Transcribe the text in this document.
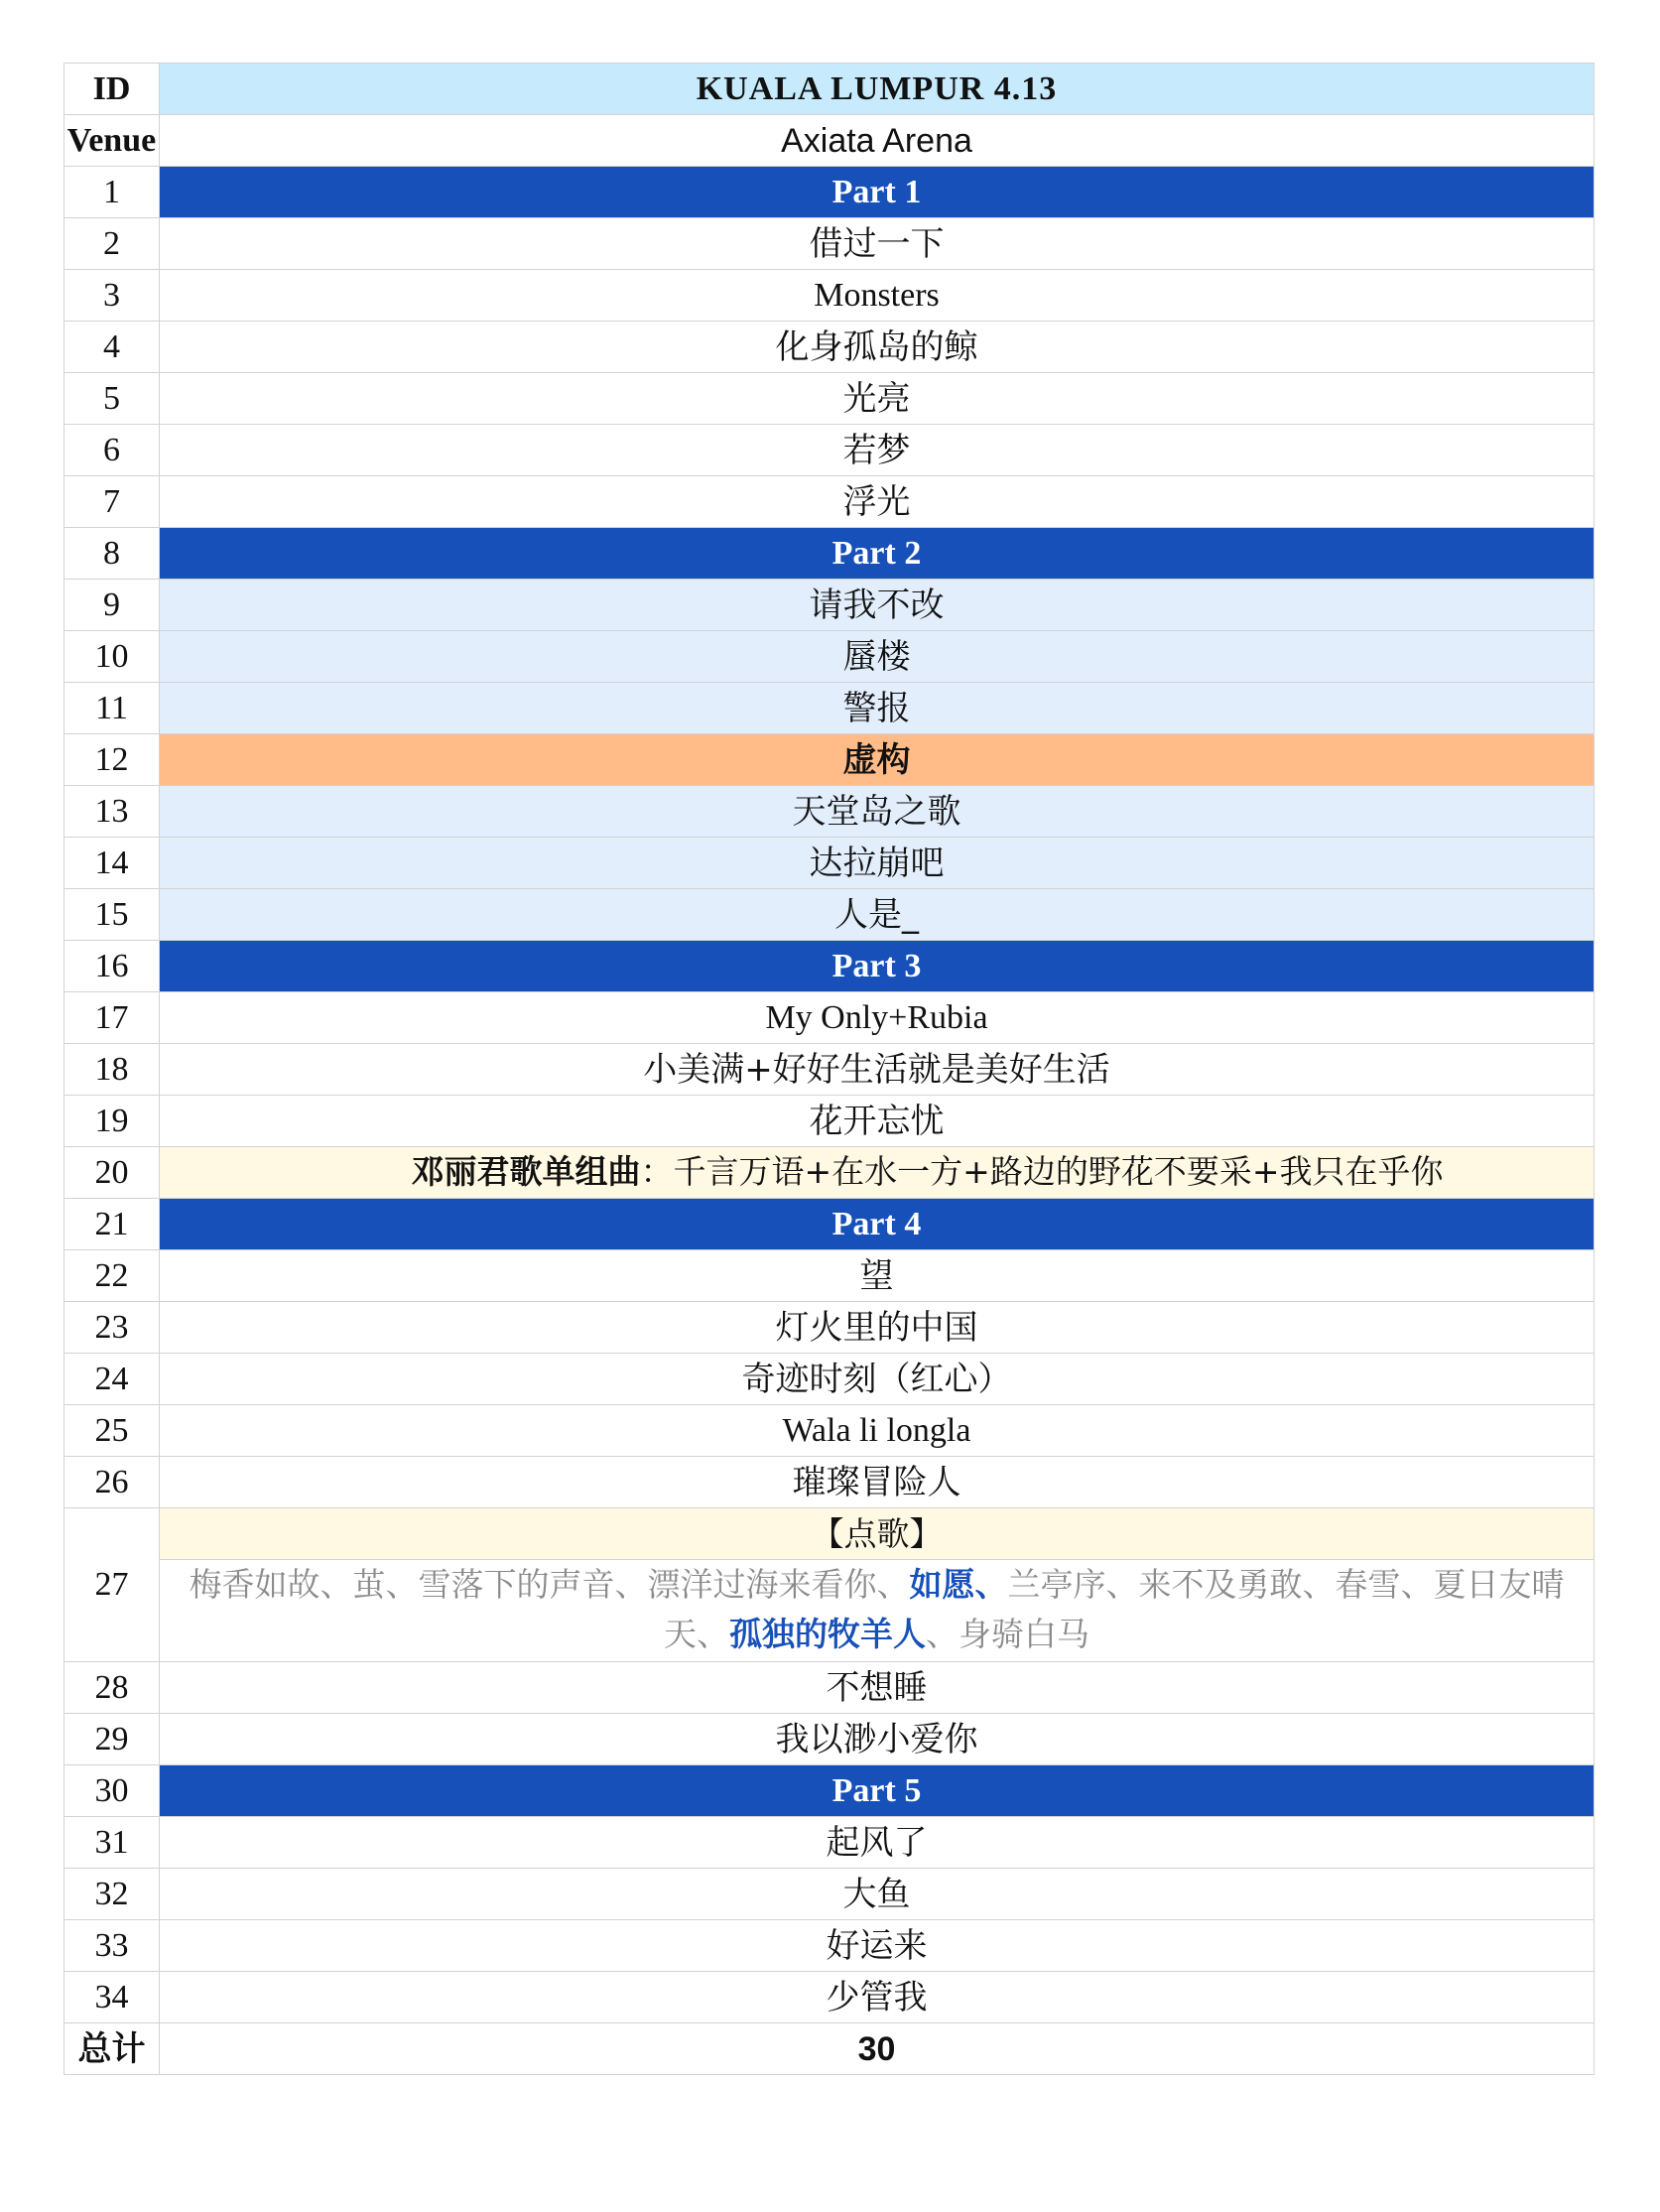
ID	KUALA LUMPUR 4.13
Venue	Axiata Arena
1	Part 1
2	借过一下
3	Monsters
4	化身孤岛的鲸
5	光亮
6	若梦
7	浮光
8	Part 2
9	请我不改
10	蜃楼
11	警报
12	虚构
13	天堂岛之歌
14	达拉崩吧
15	人是_
16	Part 3
17	My Only+Rubia
18	小美满+好好生活就是美好生活
19	花开忘忧
20	邓丽君歌单组曲：千言万语+在水一方+路边的野花不要采+我只在乎你
21	Part 4
22	望
23	灯火里的中国
24	奇迹时刻（红心）
25	Wala li longla
26	璀璨冒险人
27	【点歌】
梅香如故、茧、雪落下的声音、漂洋过海来看你、如愿、兰亭序、来不及勇敢、春雪、夏日友晴天、孤独的牧羊人、身骑白马

28	不想睡
29	我以渺小爱你
30	Part 5
31	起风了
32	大鱼
33	好运来
34	少管我
总计	30
